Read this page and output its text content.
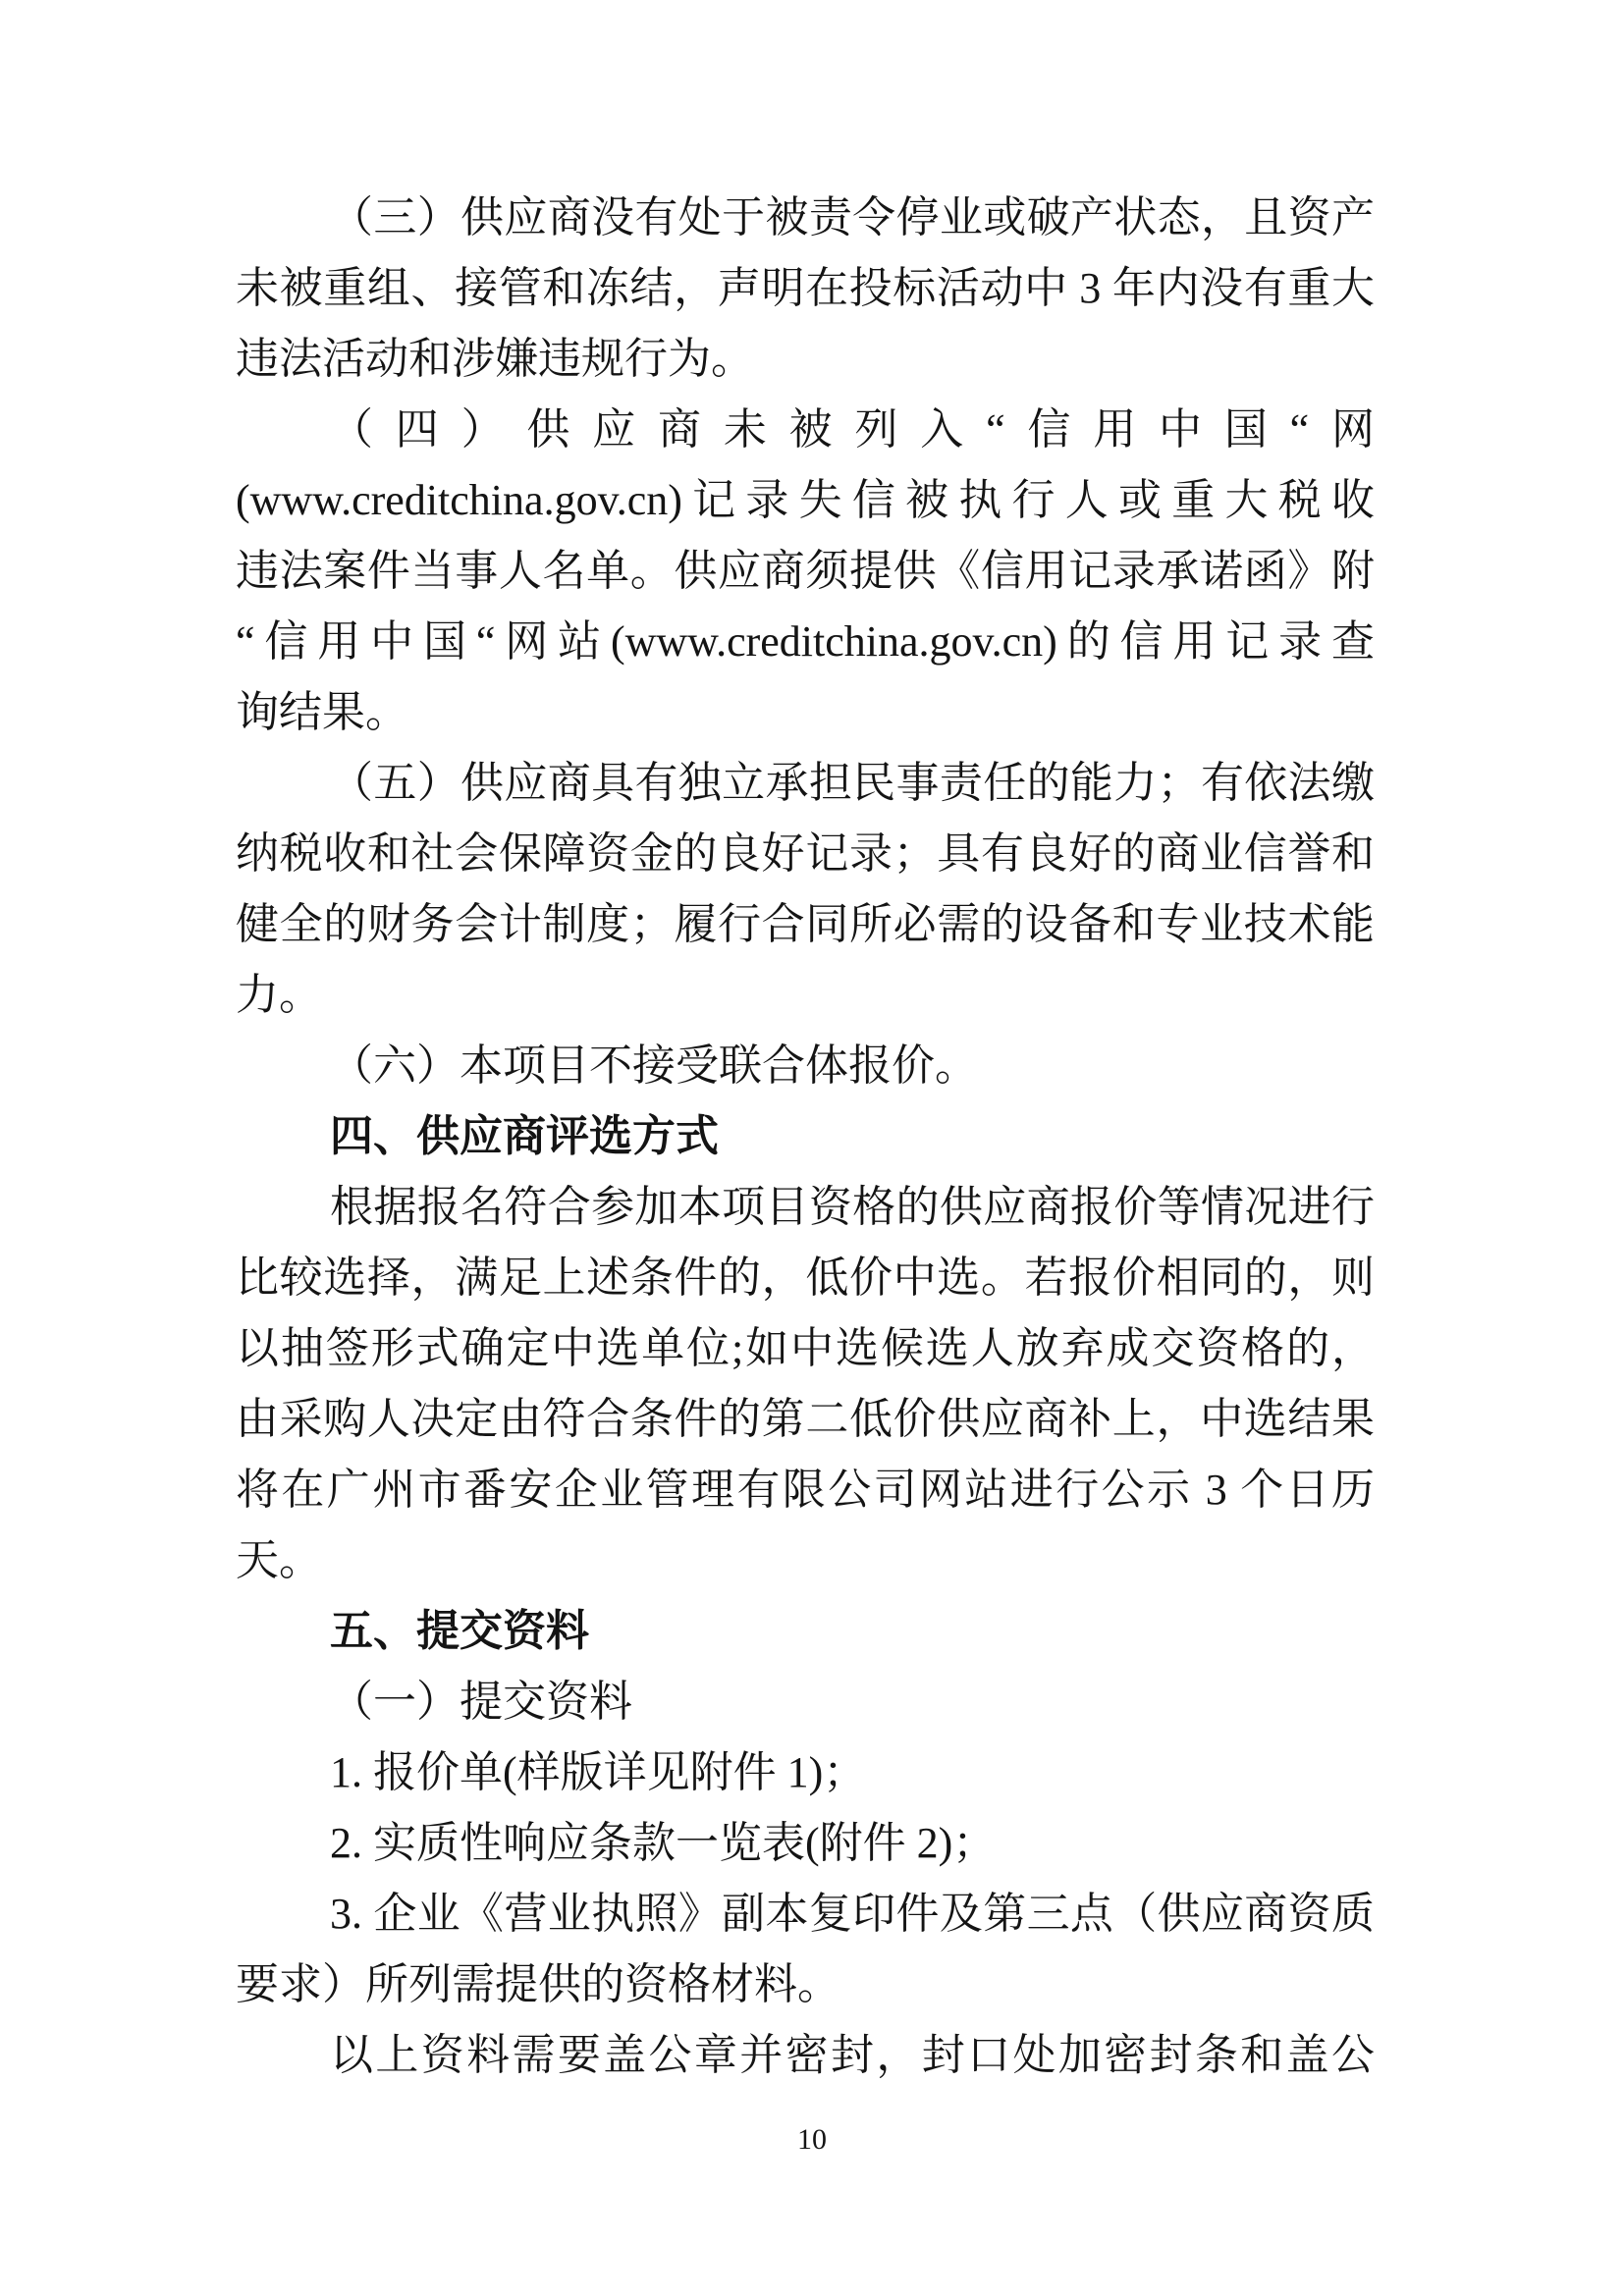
（三）供应商没有处于被责令停业或破产状态，且资产
未被重组、接管和冻结，声明在投标活动中 3 年内没有重大
违法活动和涉嫌违规行为。
（四）供应商未被列入“信用中国“网
(www.creditchina.gov.cn)记录失信被执行人或重大税收
违法案件当事人名单。供应商须提供《信用记录承诺函》附
“信用中国“网站(www.creditchina.gov.cn)的信用记录查
询结果。
（五）供应商具有独立承担民事责任的能力；有依法缴
纳税收和社会保障资金的良好记录；具有良好的商业信誉和
健全的财务会计制度；履行合同所必需的设备和专业技术能
力。
（六）本项目不接受联合体报价。
四、供应商评选方式
根据报名符合参加本项目资格的供应商报价等情况进行
比较选择，满足上述条件的，低价中选。若报价相同的，则
以抽签形式确定中选单位;如中选候选人放弃成交资格的，
由采购人决定由符合条件的第二低价供应商补上，中选结果
将在广州市番安企业管理有限公司网站进行公示 3 个日历
天。
五、提交资料
（一）提交资料
1. 报价单(样版详见附件 1)；
2. 实质性响应条款一览表(附件 2)；
3. 企业《营业执照》副本复印件及第三点（供应商资质
要求）所列需提供的资格材料。
以上资料需要盖公章并密封，封口处加密封条和盖公
10
